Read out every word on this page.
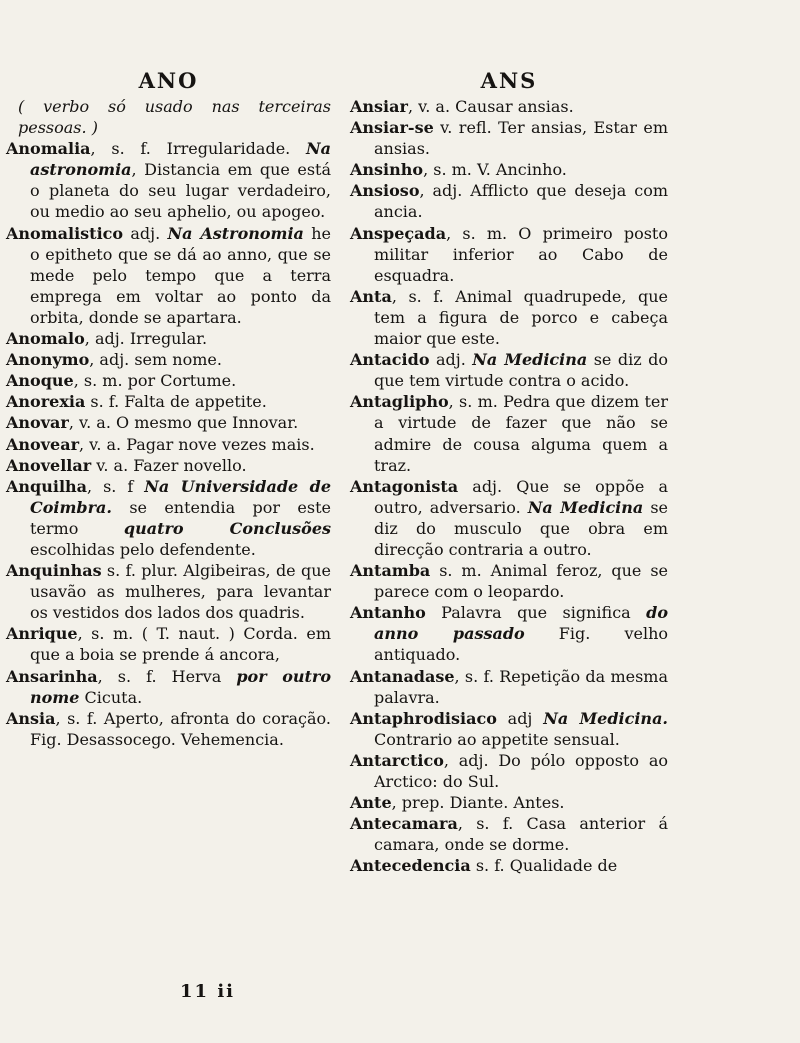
ANO
( verbo só usado nas terceiras pessoas. )
Anomalia, s. f. Irregularidade. Na astronomia, Distancia em que está o planeta do seu lugar verdadeiro, ou medio ao seu aphelio, ou apogeo.
Anomalistico adj. Na Astronomia he o epitheto que se dá ao anno, que se mede pelo tempo que a terra emprega em voltar ao ponto da orbita, donde se apartara.
Anomalo, adj. Irregular.
Anonymo, adj. sem nome.
Anoque, s. m. por Cortume.
Anorexia s. f. Falta de appetite.
Anovar, v. a. O mesmo que Innovar.
Anovear, v. a. Pagar nove vezes mais.
Anovellar v. a. Fazer novello.
Anquilha, s. f Na Universidade de Coimbra. se entendia por este termo quatro Conclusões escolhidas pelo defendente.
Anquinhas s. f. plur. Algibeiras, de que usavão as mulheres, para levantar os vestidos dos lados dos quadris.
Anrique, s. m. ( T. naut. ) Corda. em que a boia se prende á ancora,
Ansarinha, s. f. Herva por outro nome Cicuta.
Ansia, s. f. Aperto, afronta do coração. Fig. Desassocego. Vehemencia.
ANS
Ansiar, v. a. Causar ansias.
Ansiar-se v. refl. Ter ansias, Estar em ansias.
Ansinho, s. m. V. Ancinho.
Ansioso, adj. Afflicto que deseja com ancia.
Anspeçada, s. m. O primeiro posto militar inferior ao Cabo de esquadra.
Anta, s. f. Animal quadrupede, que tem a figura de porco e cabeça maior que este.
Antacido adj. Na Medicina se diz do que tem virtude contra o acido.
Antaglipho, s. m. Pedra que dizem ter a virtude de fazer que não se admire de cousa alguma quem a traz.
Antagonista adj. Que se oppõe a outro, adversario. Na Medicina se diz do musculo que obra em direcção contraria a outro.
Antamba s. m. Animal feroz, que se parece com o leopardo.
Antanho Palavra que significa do anno passado Fig. velho antiquado.
Antanadase, s. f. Repetição da mesma palavra.
Antaphrodisiaco adj Na Medicina. Contrario ao appetite sensual.
Antarctico, adj. Do pólo opposto ao Arctico: do Sul.
Ante, prep. Diante. Antes.
Antecamara, s. f. Casa anterior á camara, onde se dorme.
Antecedencia s. f. Qualidade de
11 ii
